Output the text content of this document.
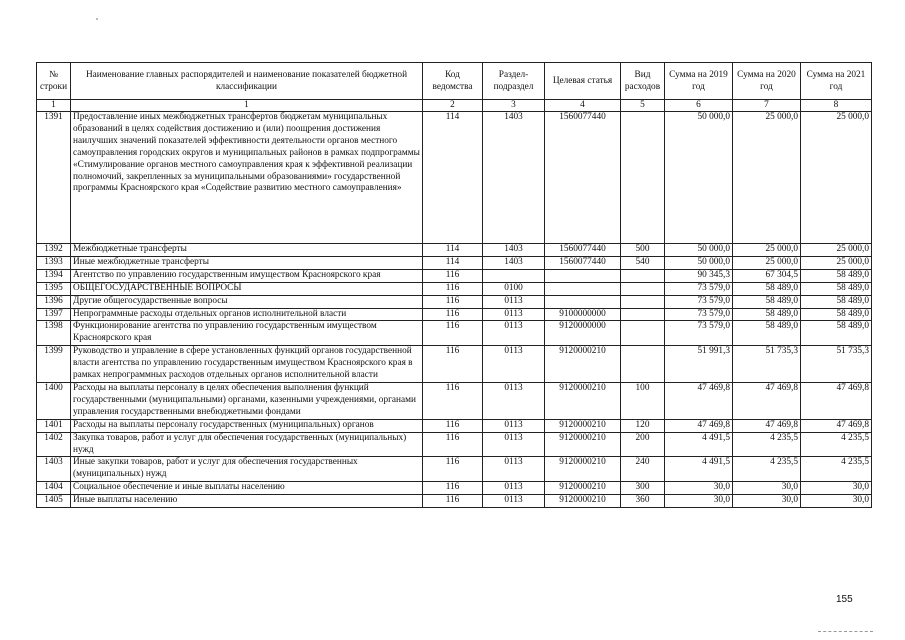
№ строки	Наименование главных распорядителей и наименование показателей бюджетной классификации	Код ведомства	Раздел-подраздел	Целевая статья	Вид расходов	Сумма на 2019 год	Сумма на 2020 год	Сумма на 2021 год
1	1	2	3	4	5	6	7	8
1391	Предоставление иных межбюджетных трансфертов бюджетам муниципальных образований в целях содействия достижению и (или) поощрения достижения наилучших значений показателей эффективности деятельности органов местного самоуправления городских округов и муниципальных районов в рамках подпрограммы «Стимулирование органов местного самоуправления края к эффективной реализации полномочий, закрепленных за муниципальными образованиями» государственной программы Красноярского края «Содействие развитию местного самоуправления»	114	1403	1560077440		50 000,0	25 000,0	25 000,0
1392	Межбюджетные трансферты	114	1403	1560077440	500	50 000,0	25 000,0	25 000,0
1393	Иные межбюджетные трансферты	114	1403	1560077440	540	50 000,0	25 000,0	25 000,0
1394	Агентство по управлению государственным имуществом Красноярского края	116				90 345,3	67 304,5	58 489,0
1395	ОБЩЕГОСУДАРСТВЕННЫЕ ВОПРОСЫ	116	0100			73 579,0	58 489,0	58 489,0
1396	Другие общегосударственные вопросы	116	0113			73 579,0	58 489,0	58 489,0
1397	Непрограммные расходы отдельных органов исполнительной власти	116	0113	9100000000		73 579,0	58 489,0	58 489,0
1398	Функционирование агентства по управлению государственным имуществом Красноярского края	116	0113	9120000000		73 579,0	58 489,0	58 489,0
1399	Руководство и управление в сфере установленных функций органов государственной власти агентства по управлению государственным имуществом Красноярского края в рамках непрограммных расходов отдельных органов исполнительной власти	116	0113	9120000210		51 991,3	51 735,3	51 735,3
1400	Расходы на выплаты персоналу в целях обеспечения выполнения функций государственными (муниципальными) органами, казенными учреждениями, органами управления государственными внебюджетными фондами	116	0113	9120000210	100	47 469,8	47 469,8	47 469,8
1401	Расходы на выплаты персоналу государственных (муниципальных) органов	116	0113	9120000210	120	47 469,8	47 469,8	47 469,8
1402	Закупка товаров, работ и услуг для обеспечения государственных (муниципальных) нужд	116	0113	9120000210	200	4 491,5	4 235,5	4 235,5
1403	Иные закупки товаров, работ и услуг для обеспечения государственных (муниципальных) нужд	116	0113	9120000210	240	4 491,5	4 235,5	4 235,5
1404	Социальное обеспечение и иные выплаты населению	116	0113	9120000210	300	30,0	30,0	30,0
1405	Иные выплаты населению	116	0113	9120000210	360	30,0	30,0	30,0
155
